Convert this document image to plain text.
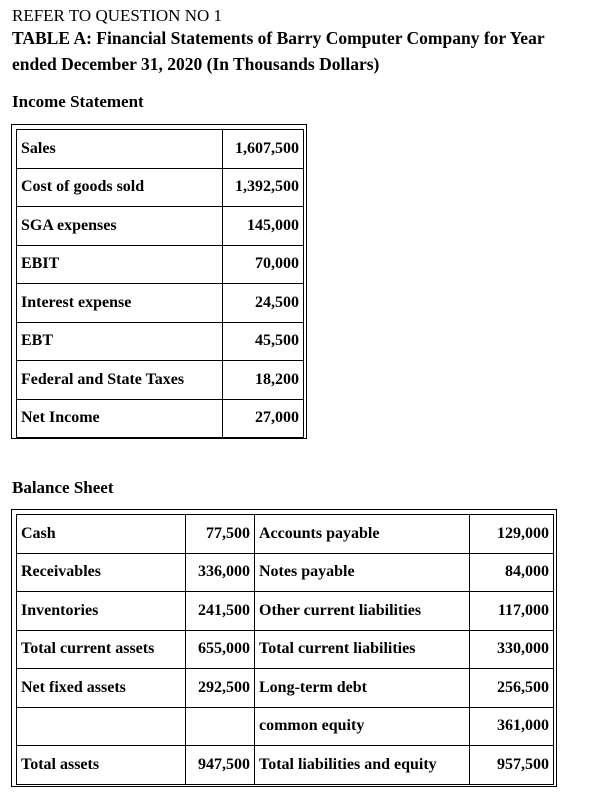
REFER TO QUESTION NO 1
TABLE A: Financial Statements of Barry Computer Company for Year
ended December 31, 2020 (In Thousands Dollars)
Income Statement
Sales	1,607,500
Cost of goods sold	1,392,500
SGA expenses	145,000
EBIT	70,000
Interest expense	24,500
EBT	45,500
Federal and State Taxes	18,200
Net Income	27,000
Balance Sheet
Cash	77,500	Accounts payable	129,000
Receivables	336,000	Notes payable	84,000
Inventories	241,500	Other current liabilities	117,000
Total current assets	655,000	Total current liabilities	330,000
Net fixed assets	292,500	Long-term debt	256,500
		common equity	361,000
Total assets	947,500	Total liabilities and equity	957,500
